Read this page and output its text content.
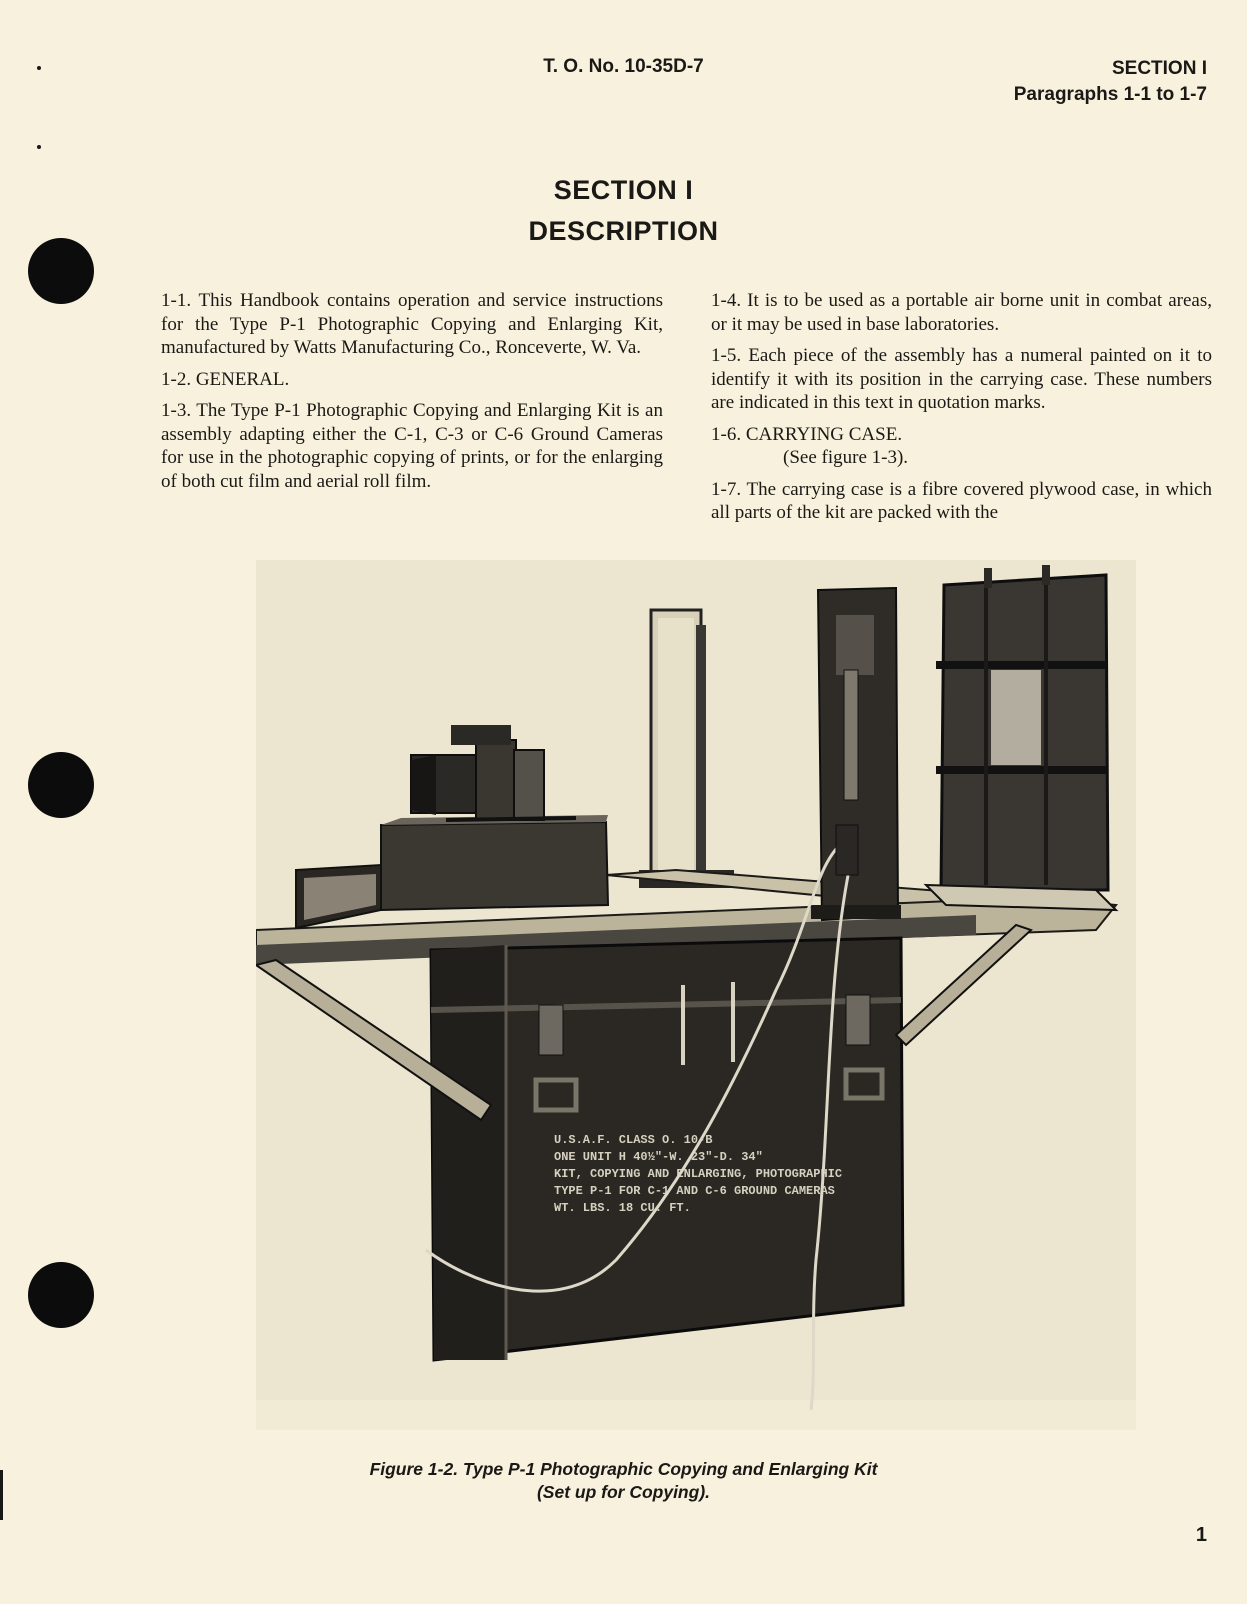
T. O. No. 10-35D-7	SECTION I
Paragraphs 1-1 to 1-7
SECTION I
DESCRIPTION

1-1. This Handbook contains operation and service instructions for the Type P-1 Photographic Copying and Enlarging Kit, manufactured by Watts Manufacturing Co., Ronceverte, W. Va.

1-2. GENERAL.

1-3. The Type P-1 Photographic Copying and Enlarging Kit is an assembly adapting either the C-1, C-3 or C-6 Ground Cameras for use in the photographic copying of prints, or for the enlarging of both cut film and aerial roll film.

1-4. It is to be used as a portable air borne unit in combat areas, or it may be used in base laboratories.

1-5. Each piece of the assembly has a numeral painted on it to identify it with its position in the carrying case. These numbers are indicated in this text in quotation marks.

1-6. CARRYING CASE.

(See figure 1-3).

1-7. The carrying case is a fibre covered plywood case, in which all parts of the kit are packed with the

U.S.A.F. CLASS O. 10-B
ONE UNIT H 40½"-W. 23"-D. 34"
KIT, COPYING AND ENLARGING, PHOTOGRAPHIC
TYPE P-1 FOR C-1 AND C-6 GROUND CAMERAS
WT. LBS. 18 CU. FT.
Figure 1-2. Type P-1 Photographic Copying and Enlarging Kit
(Set up for Copying).
1
